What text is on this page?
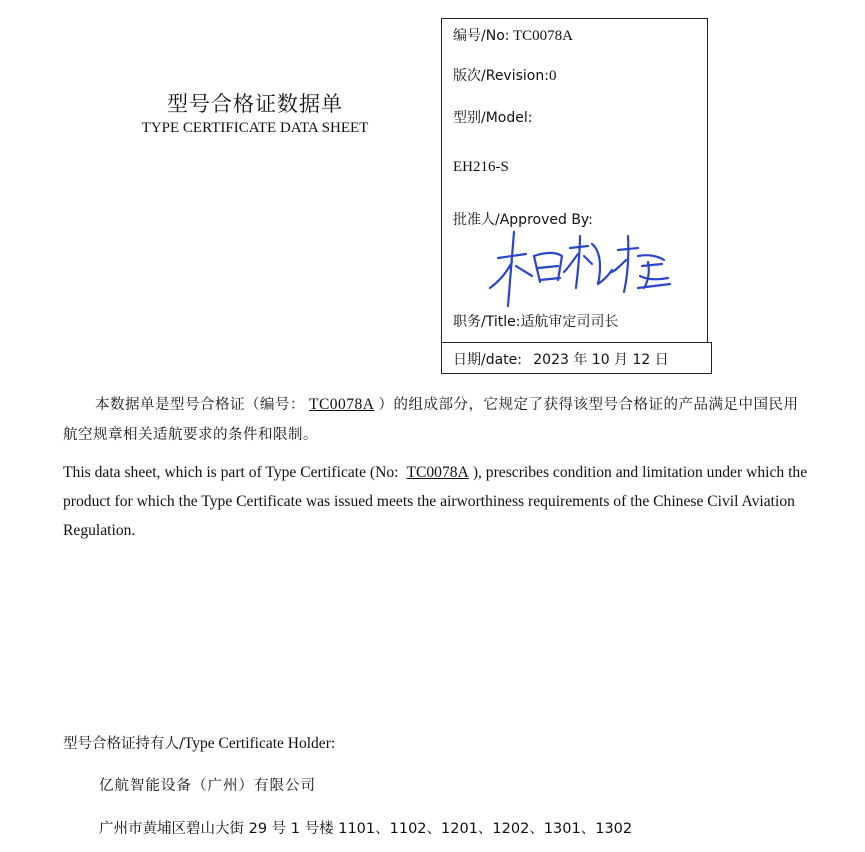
型号合格证数据单
TYPE CERTIFICATE DATA SHEET
编号/No: TC0078A
版次/Revision:0
型别/Model:
EH216-S
批准人/Approved By:
职务/Title:适航审定司司长
日期/date: 2023 年 10 月 12 日
本数据单是型号合格证（编号： TC0078A ）的组成部分，它规定了获得该型号合格证的产品满足中国民用航空规章相关适航要求的条件和限制。
This data sheet, which is part of Type Certificate (No: TC0078A ), prescribes condition and limitation under which the product for which the Type Certificate was issued meets the airworthiness requirements of the Chinese Civil Aviation Regulation.
型号合格证持有人/Type Certificate Holder:
亿航智能设备（广州）有限公司
广州市黄埔区碧山大街 29 号 1 号楼 1101、1102、1201、1202、1301、1302
